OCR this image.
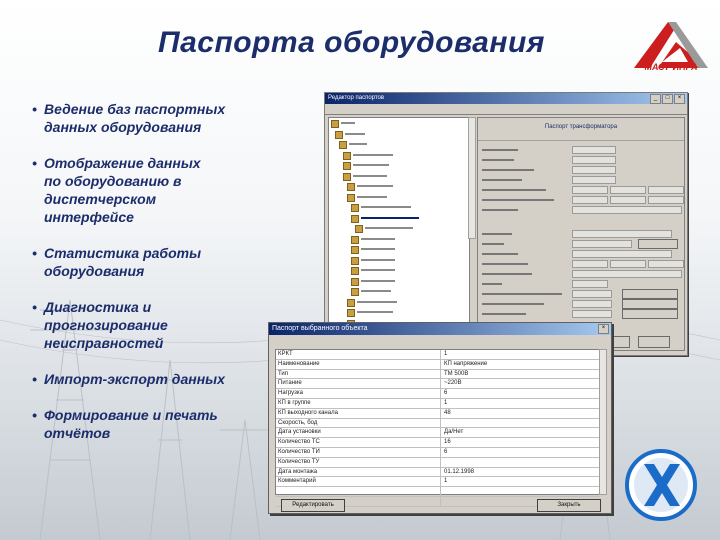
Паспорта оборудования
МАСТ-ИПРА
• Ведение баз паспортных
данных оборудования
• Отображение данных
по оборудованию в диспетчерском интерфейсе
• Статистика работы
оборудования
• Диагностика и
прогнозирование неисправностей
• Импорт-экспорт данных
• Формирование и печать
отчётов
Редактор паспортов	_	□	×
Паспорт трансформатора
Паспорт выбранного объекта	×
КРКТ	1
Наименование	КП напряжение
Тип	ТМ 500В
Питание	~220В
Нагрузка	6
КП в группе	1
КП выходного канала	48
Скорость, бод
Дата установки	Да/Нет
Количество ТС	16
Количество ТИ	6
Количество ТУ
Дата монтажа	01.12.1998
Комментарий	1
Редактировать	Закрыть
